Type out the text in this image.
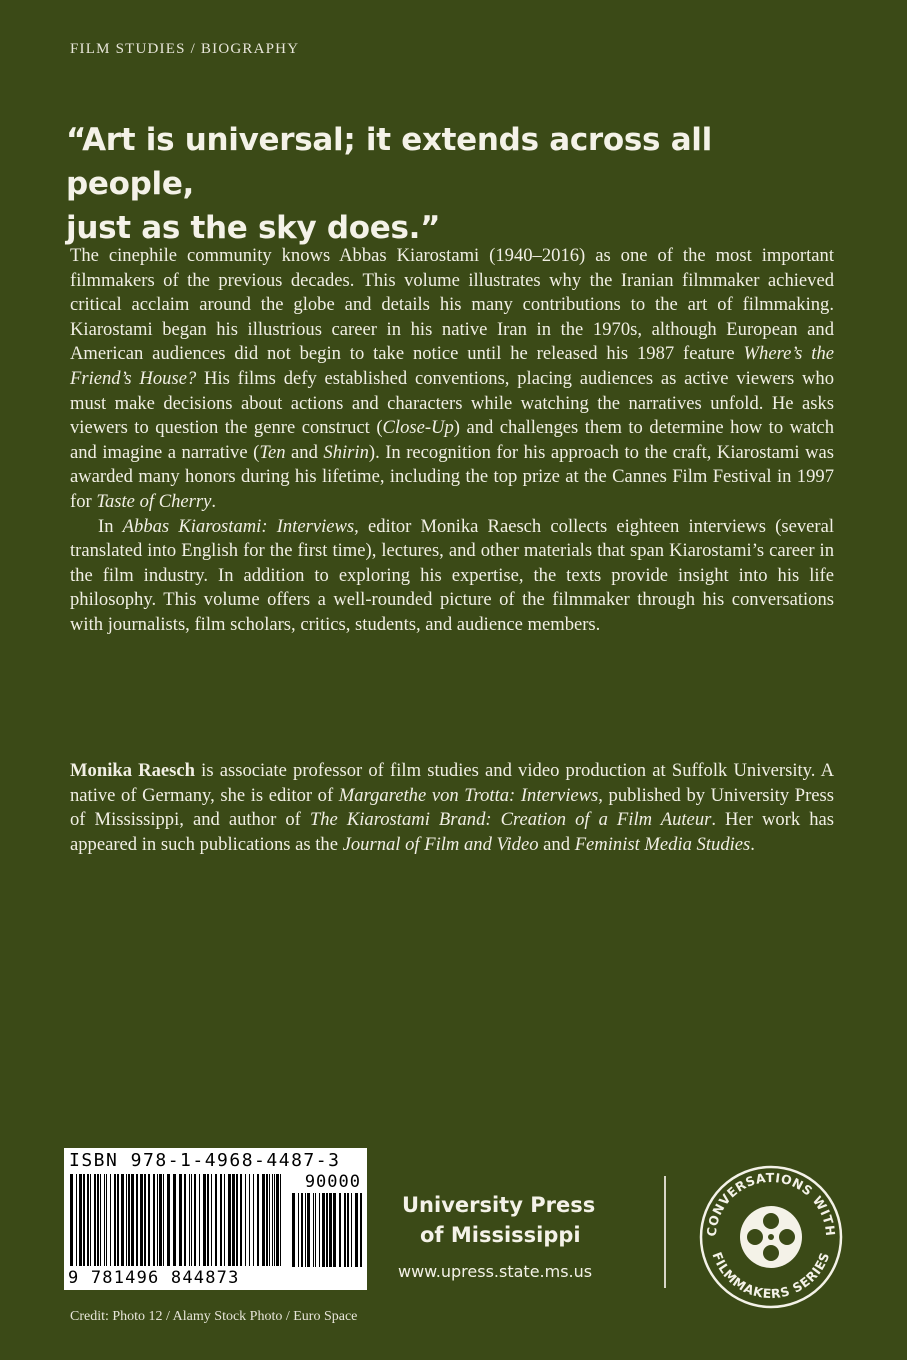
FILM STUDIES / BIOGRAPHY
“Art is universal; it extends across all people,
just as the sky does.”

The cinephile community knows Abbas Kiarostami (1940–2016) as one of the most important filmmakers of the previous decades. This volume illustrates why the Iranian filmmaker achieved critical acclaim around the globe and details his many contributions to the art of filmmaking. Kiarostami began his illustrious career in his native Iran in the 1970s, although European and American audiences did not begin to take notice until he released his 1987 feature Where’s the Friend’s House? His films defy established conventions, placing audiences as active viewers who must make decisions about actions and characters while watching the narratives unfold. He asks viewers to question the genre construct (Close-Up) and challenges them to determine how to watch and imagine a narrative (Ten and Shirin). In recognition for his approach to the craft, Kiarostami was awarded many honors during his lifetime, including the top prize at the Cannes Film Festival in 1997 for Taste of Cherry.

In Abbas Kiarostami: Interviews, editor Monika Raesch collects eighteen interviews (several translated into English for the first time), lectures, and other materials that span Kiarostami’s career in the film industry. In addition to exploring his expertise, the texts provide insight into his life philosophy. This volume offers a well-rounded picture of the filmmaker through his conversations with journalists, film scholars, critics, students, and audience members.

Monika Raesch is associate professor of film studies and video production at Suffolk University. A native of Germany, she is editor of Margarethe von Trotta: Interviews, published by University Press of Mississippi, and author of The Kiarostami Brand: Creation of a Film Auteur. Her work has appeared in such publications as the Journal of Film and Video and Feminist Media Studies.
ISBN 978-1-4968-4487-3
90000
9 781496 844873
University Press
of Mississippi
www.upress.state.ms.us
CONVERSATIONS WITH
FILMMAKERS SERIES
Credit: Photo 12 / Alamy Stock Photo / Euro Space
